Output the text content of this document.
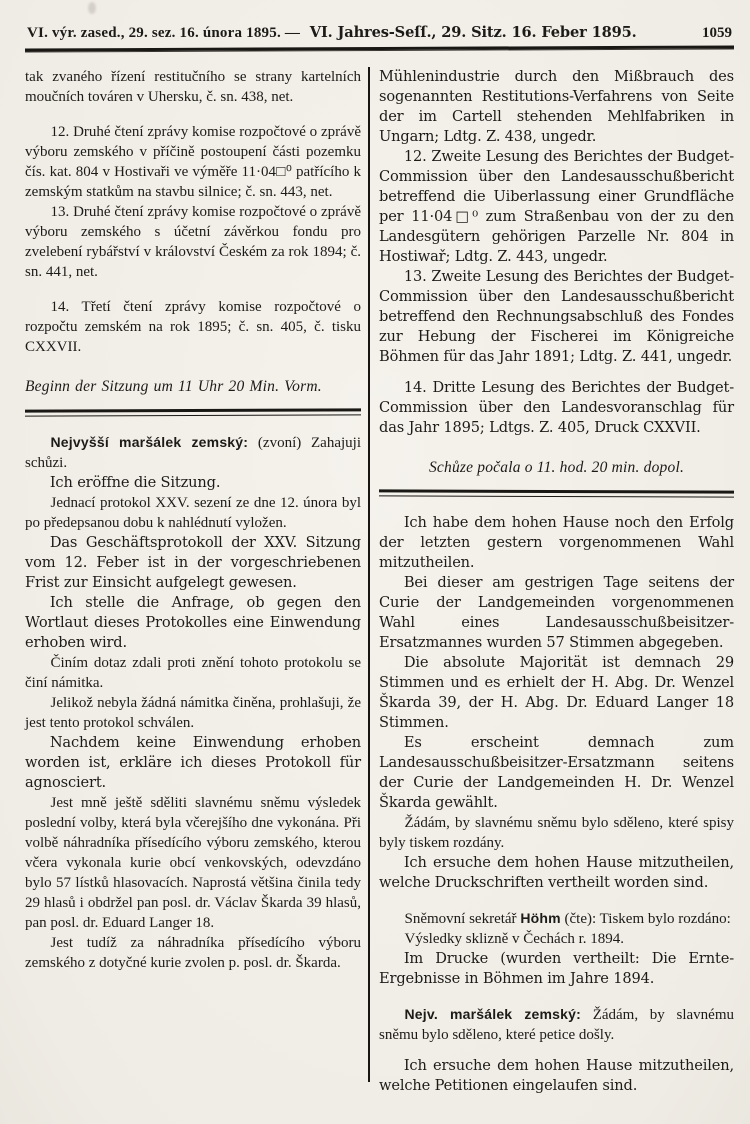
VI. výr. zased., 29. sez. 16. února 1895. — VI. Jahres-Seſſ., 29. Sitz. 16. Feber 1895.	1059

tak zvaného řízení restitučního se strany kartelních moučních továren v Uhersku, č. sn. 438, net.

12. Druhé čtení zprávy komise rozpočtové o zprávě výboru zemského v příčině postoupení části pozemku čís. kat. 804 v Hostivaři ve výměře 11·04□⁰ patřícího k zemským statkům na stavbu silnice; č. sn. 443, net.

13. Druhé čtení zprávy komise rozpočtové o zprávě výboru zemského s účetní závěrkou fondu pro zvelebení rybářství v království Českém za rok 1894; č. sn. 441, net.

14. Třetí čtení zprávy komise rozpočtové o rozpočtu zemském na rok 1895; č. sn. 405, č. tisku CXXVII.

Beginn der Sitzung um 11 Uhr 20 Min. Vorm.

Nejvyšší maršálek zemský: (zvoní) Zahajuji schůzi.

Ich eröffne die Sitzung.

Jednací protokol XXV. sezení ze dne 12. února byl po předepsanou dobu k nahlédnutí vyložen.

Das Geschäftsprotokoll der XXV. Sitzung vom 12. Feber ist in der vorgeschriebenen Frist zur Einsicht aufgelegt gewesen.

Ich stelle die Anfrage, ob gegen den Wortlaut dieses Protokolles eine Einwendung erhoben wird.

Činím dotaz zdali proti znění tohoto protokolu se činí námitka.

Jelikož nebyla žádná námitka činěna, prohlašuji, že jest tento protokol schválen.

Nachdem keine Einwendung erhoben worden ist, erkläre ich dieses Protokoll für agnosciert.

Jest mně ještě sděliti slavnému sněmu výsledek poslední volby, která byla včerejšího dne vykonána. Při volbě náhradníka přísedícího výboru zemského, kterou včera vykonala kurie obcí venkovských, odevzdáno bylo 57 lístků hlasovacích. Naprostá většina činila tedy 29 hlasů i obdržel pan posl. dr. Václav Škarda 39 hlasů, pan posl. dr. Eduard Langer 18.

Jest tudíž za náhradníka přísedícího výboru zemského z dotyčné kurie zvolen p. posl. dr. Škarda.

Mühlenindustrie durch den Mißbrauch des sogenannten Restitutions-Verfahrens von Seite der im Cartell stehenden Mehlfabriken in Ungarn; Ldtg. Z. 438, ungedr.

12. Zweite Lesung des Berichtes der Budget-Commission über den Landesausschußbericht betreffend die Uiberlassung einer Grundfläche per 11·04□⁰ zum Straßenbau von der zu den Landesgütern gehörigen Parzelle Nr. 804 in Hostiwař; Ldtg. Z. 443, ungedr.

13. Zweite Lesung des Berichtes der Budget-Commission über den Landesausschußbericht betreffend den Rechnungsabschluß des Fondes zur Hebung der Fischerei im Königreiche Böhmen für das Jahr 1891; Ldtg. Z. 441, ungedr.

14. Dritte Lesung des Berichtes der Budget-Commission über den Landesvoranschlag für das Jahr 1895; Ldtgs. Z. 405, Druck CXXVII.

Schůze počala o 11. hod. 20 min. dopol.

Ich habe dem hohen Hause noch den Erfolg der letzten gestern vorgenommenen Wahl mitzutheilen.

Bei dieser am gestrigen Tage seitens der Curie der Landgemeinden vorgenommenen Wahl eines Landesausschußbeisitzer-Ersatzmannes wurden 57 Stimmen abgegeben.

Die absolute Majorität ist demnach 29 Stimmen und es erhielt der H. Abg. Dr. Wenzel Škarda 39, der H. Abg. Dr. Eduard Langer 18 Stimmen.

Es erscheint demnach zum Landesausschußbeisitzer-Ersatzmann seitens der Curie der Landgemeinden H. Dr. Wenzel Škarda gewählt.

Žádám, by slavnému sněmu bylo sděleno, které spisy byly tiskem rozdány.

Ich ersuche dem hohen Hause mitzutheilen, welche Druckschriften vertheilt worden sind.

Sněmovní sekretář Höhm (čte): Tiskem bylo rozdáno:

Výsledky sklizně v Čechách r. 1894.

Im Drucke (wurden vertheilt: Die Ernte-Ergebnisse in Böhmen im Jahre 1894.

Nejv. maršálek zemský: Žádám, by slavnému sněmu bylo sděleno, které petice došly.

Ich ersuche dem hohen Hause mitzutheilen, welche Petitionen eingelaufen sind.
